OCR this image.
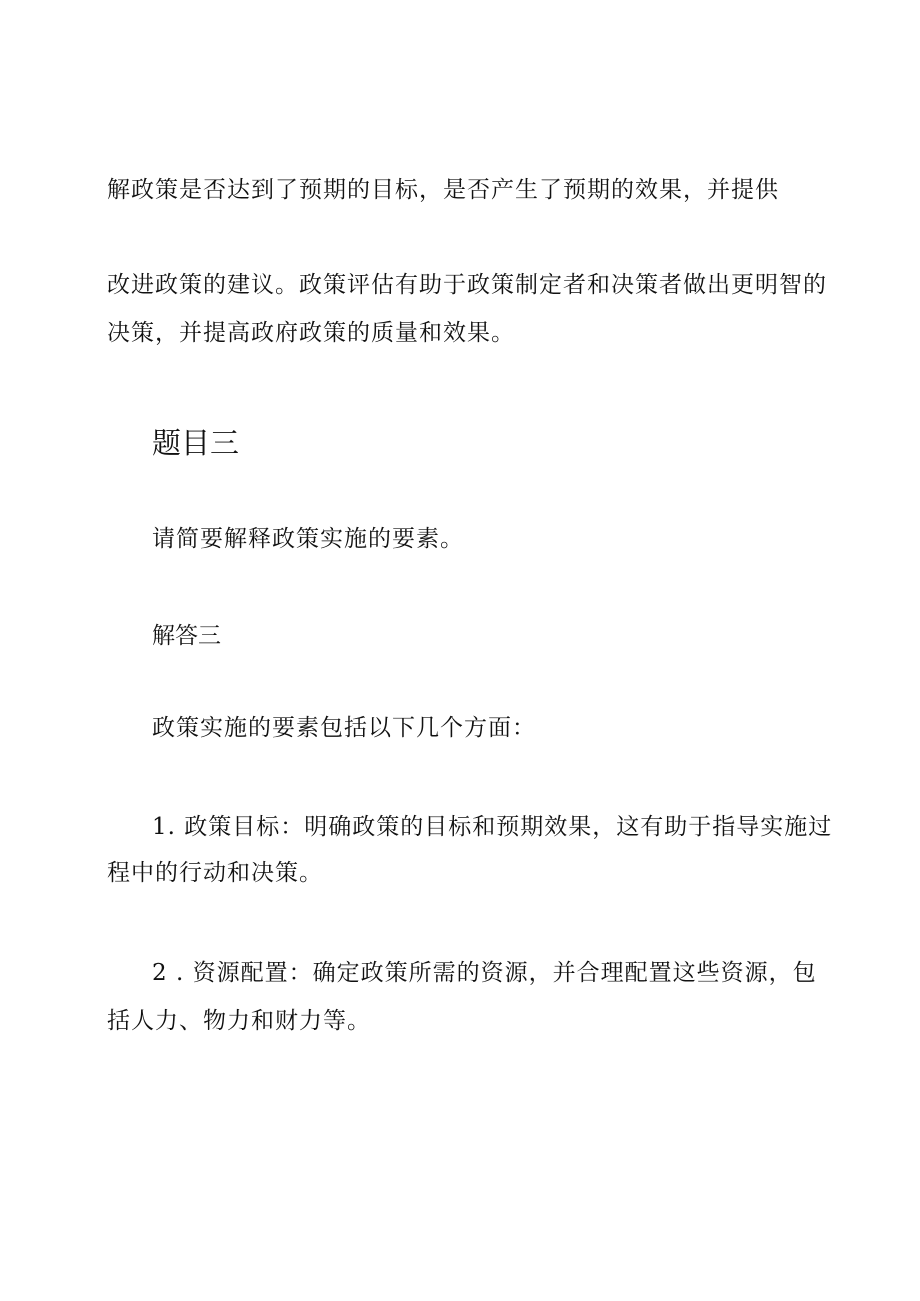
解政策是否达到了预期的目标，是否产生了预期的效果，并提供
改进政策的建议。政策评估有助于政策制定者和决策者做出更明智的
决策，并提高政府政策的质量和效果。
题目三
请简要解释政策实施的要素。
解答三
政策实施的要素包括以下几个方面：
1. 政策目标：明确政策的目标和预期效果，这有助于指导实施过
程中的行动和决策。
2 . 资源配置：确定政策所需的资源，并合理配置这些资源，包
括人力、物力和财力等。
